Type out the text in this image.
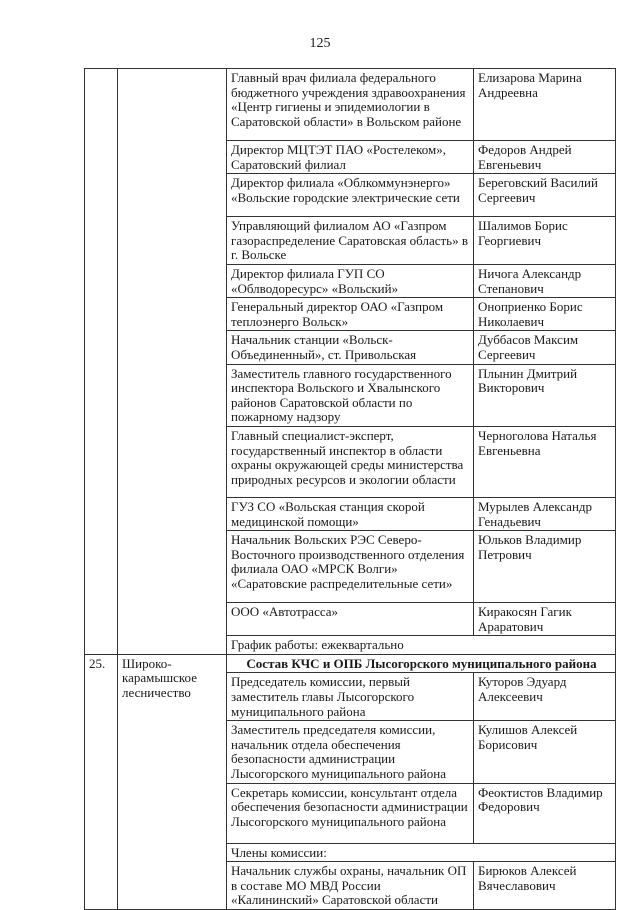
125
		Главный врач филиала федерального бюджетного учреждения здравоохранения «Центр гигиены и эпидемиологии в Саратовской области» в Вольском районе	Елизарова Марина Андреевна
		Директор МЦТЭТ ПАО «Ростелеком», Саратовский филиал	Федоров Андрей Евгеньевич
		Директор филиала «Облкоммунэнерго» «Вольские городские электрические сети	Береговский Василий Сергеевич
		Управляющий филиалом АО «Газпром газораспределение Саратовская область» в г. Вольске	Шалимов Борис Георгиевич
		Директор филиала ГУП СО «Облводоресурс» «Вольский»	Ничога Александр Степанович
		Генеральный директор ОАО «Газпром теплоэнерго Вольск»	Оноприенко Борис Николаевич
		Начальник станции «Вольск-Объединенный», ст. Привольская	Дуббасов Максим Сергеевич
		Заместитель главного государственного инспектора Вольского и Хвалынского районов Саратовской области по пожарному надзору	Плынин Дмитрий Викторович
		Главный специалист-эксперт, государственный инспектор в области охраны окружающей среды министерства природных ресурсов и экологии области	Черноголова Наталья Евгеньевна
		ГУЗ СО «Вольская станция скорой медицинской помощи»	Мурылев Александр Генадьевич
		Начальник Вольских РЭС Северо-Восточного производственного отделения филиала ОАО «МРСК Волги» «Саратовские распределительные сети»	Юльков Владимир Петрович
		ООО «Автотрасса»	Киракосян Гагик Араратович
		График работы: ежеквартально	
25.	Широко-карамышское лесничество	Состав КЧС и ОПБ Лысогорского муниципального района	
		Председатель комиссии, первый заместитель главы Лысогорского муниципального района	Куторов Эдуард Алексеевич
		Заместитель председателя комиссии, начальник отдела обеспечения безопасности администрации Лысогорского муниципального района	Кулишов Алексей Борисович
		Секретарь комиссии, консультант отдела обеспечения безопасности администрации Лысогорского муниципального района	Феоктистов Владимир Федорович
		Члены комиссии:	
		Начальник службы охраны, начальник ОП в составе МО МВД России «Калининский» Саратовской области	Бирюков Алексей Вячеславович
